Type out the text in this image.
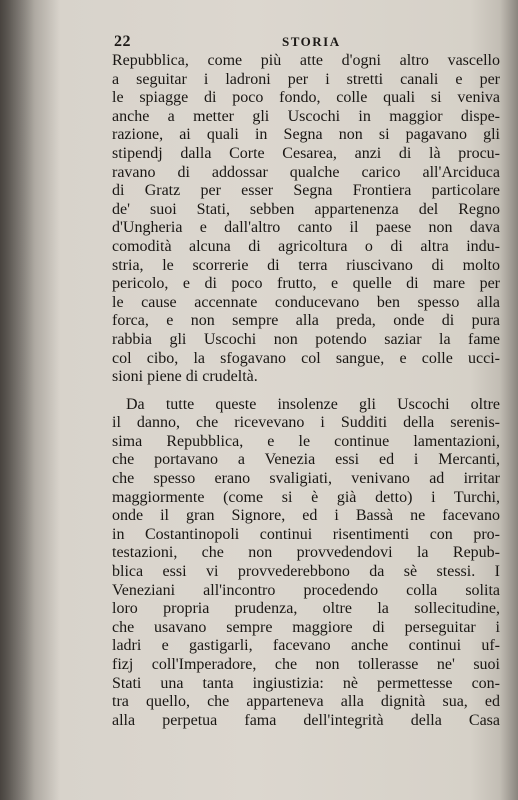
22	STORIA
Repubblica, come più atte d'ogni altro vascello
a seguitar i ladroni per i stretti canali e per
le spiagge di poco fondo, colle quali si veniva
anche a metter gli Uscochi in maggior dispe-
razione, ai quali in Segna non si pagavano gli
stipendj dalla Corte Cesarea, anzi di là procu-
ravano di addossar qualche carico all'Arciduca
di Gratz per esser Segna Frontiera particolare
de' suoi Stati, sebben appartenenza del Regno
d'Ungheria e dall'altro canto il paese non dava
comodità alcuna di agricoltura o di altra indu-
stria, le scorrerie di terra riuscivano di molto
pericolo, e di poco frutto, e quelle di mare per
le cause accennate conducevano ben spesso alla
forca, e non sempre alla preda, onde di pura
rabbia gli Uscochi non potendo saziar la fame
col cibo, la sfogavano col sangue, e colle ucci-
sioni piene di crudeltà.
Da tutte queste insolenze gli Uscochi oltre
il danno, che ricevevano i Sudditi della serenis-
sima Repubblica, e le continue lamentazioni,
che portavano a Venezia essi ed i Mercanti,
che spesso erano svaligiati, venivano ad irritar
maggiormente (come si è già detto) i Turchi,
onde il gran Signore, ed i Bassà ne facevano
in Costantinopoli continui risentimenti con pro-
testazioni, che non provvedendovi la Repub-
blica essi vi provvederebbono da sè stessi. I
Veneziani all'incontro procedendo colla solita
loro propria prudenza, oltre la sollecitudine,
che usavano sempre maggiore di perseguitar i
ladri e gastigarli, facevano anche continui uf-
fizj coll'Imperadore, che non tollerasse ne' suoi
Stati una tanta ingiustizia: nè permettesse con-
tra quello, che apparteneva alla dignità sua, ed
alla perpetua fama dell'integrità della Casa
